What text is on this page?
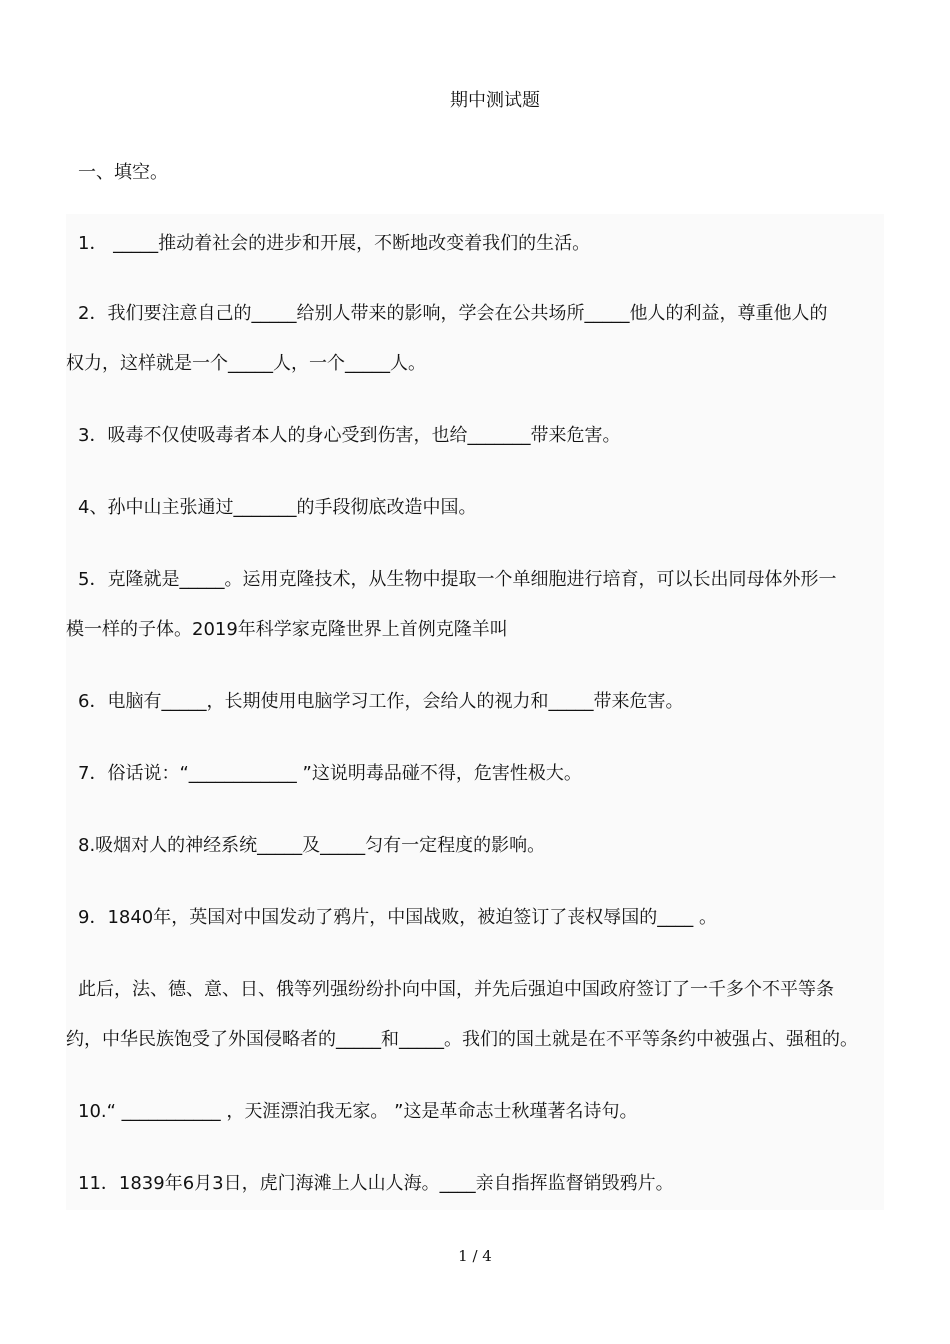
期中测试题
一、填空。
1． _____推动着社会的进步和开展，不断地改变着我们的生活。
2．我们要注意自己的_____给别人带来的影响，学会在公共场所_____他人的利益，尊重他人的
权力，这样就是一个_____人，一个_____人。
3．吸毒不仅使吸毒者本人的身心受到伤害，也给_______带来危害。
4、孙中山主张通过_______的手段彻底改造中国。
5．克隆就是_____。运用克隆技术，从生物中提取一个单细胞进行培育，可以长出同母体外形一
模一样的子体。2019年科学家克隆世界上首例克隆羊叫
6．电脑有_____，长期使用电脑学习工作，会给人的视力和_____带来危害。
7．俗话说：“____________ ”这说明毒品碰不得，危害性极大。
8.吸烟对人的神经系统_____及_____匀有一定程度的影响。
9．1840年，英国对中国发动了鸦片，中国战败，被迫签订了丧权辱国的____ 。
此后，法、德、意、日、俄等列强纷纷扑向中国，并先后强迫中国政府签订了一千多个不平等条
约，中华民族饱受了外国侵略者的_____和_____。我们的国土就是在不平等条约中被强占、强租的。
10.“ ___________ ，天涯漂泊我无家。 ”这是革命志士秋瑾著名诗句。
11．1839年6月3日，虎门海滩上人山人海。____亲自指挥监督销毁鸦片。
1 / 4
